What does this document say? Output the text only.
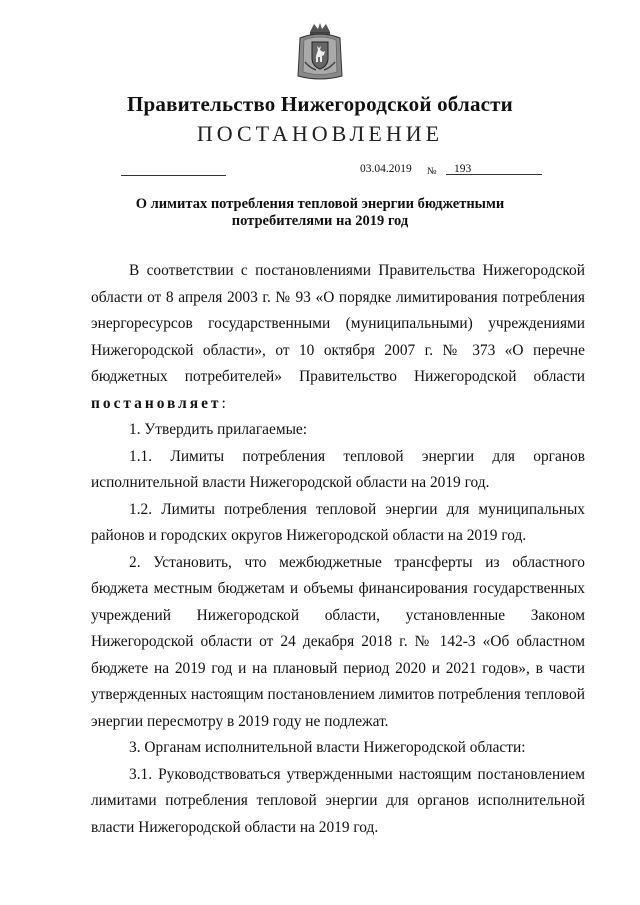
Правительство Нижегородской области
ПОСТАНОВЛЕНИЕ
03.04.2019 №	193
О лимитах потребления тепловой энергии бюджетными
потребителями на 2019 год

В соответствии с постановлениями Правительства Нижегородской области от 8 апреля 2003 г. № 93 «О порядке лимитирования потребления энергоресурсов государственными (муниципальными) учреждениями Нижегородской области», от 10 октября 2007 г. № 373 «О перечне бюджетных потребителей» Правительство Нижегородской области постановляет:

1. Утвердить прилагаемые:

1.1. Лимиты потребления тепловой энергии для органов исполнительной власти Нижегородской области на 2019 год.

1.2. Лимиты потребления тепловой энергии для муниципальных районов и городских округов Нижегородской области на 2019 год.

2. Установить, что межбюджетные трансферты из областного бюджета местным бюджетам и объемы финансирования государственных учреждений Нижегородской области, установленные Законом Нижегородской области от 24 декабря 2018 г. № 142-З «Об областном бюджете на 2019 год и на плановый период 2020 и 2021 годов», в части утвержденных настоящим постановлением лимитов потребления тепловой энергии пересмотру в 2019 году не подлежат.

3. Органам исполнительной власти Нижегородской области:

3.1. Руководствоваться утвержденными настоящим постановлением лимитами потребления тепловой энергии для органов исполнительной власти Нижегородской области на 2019 год.
